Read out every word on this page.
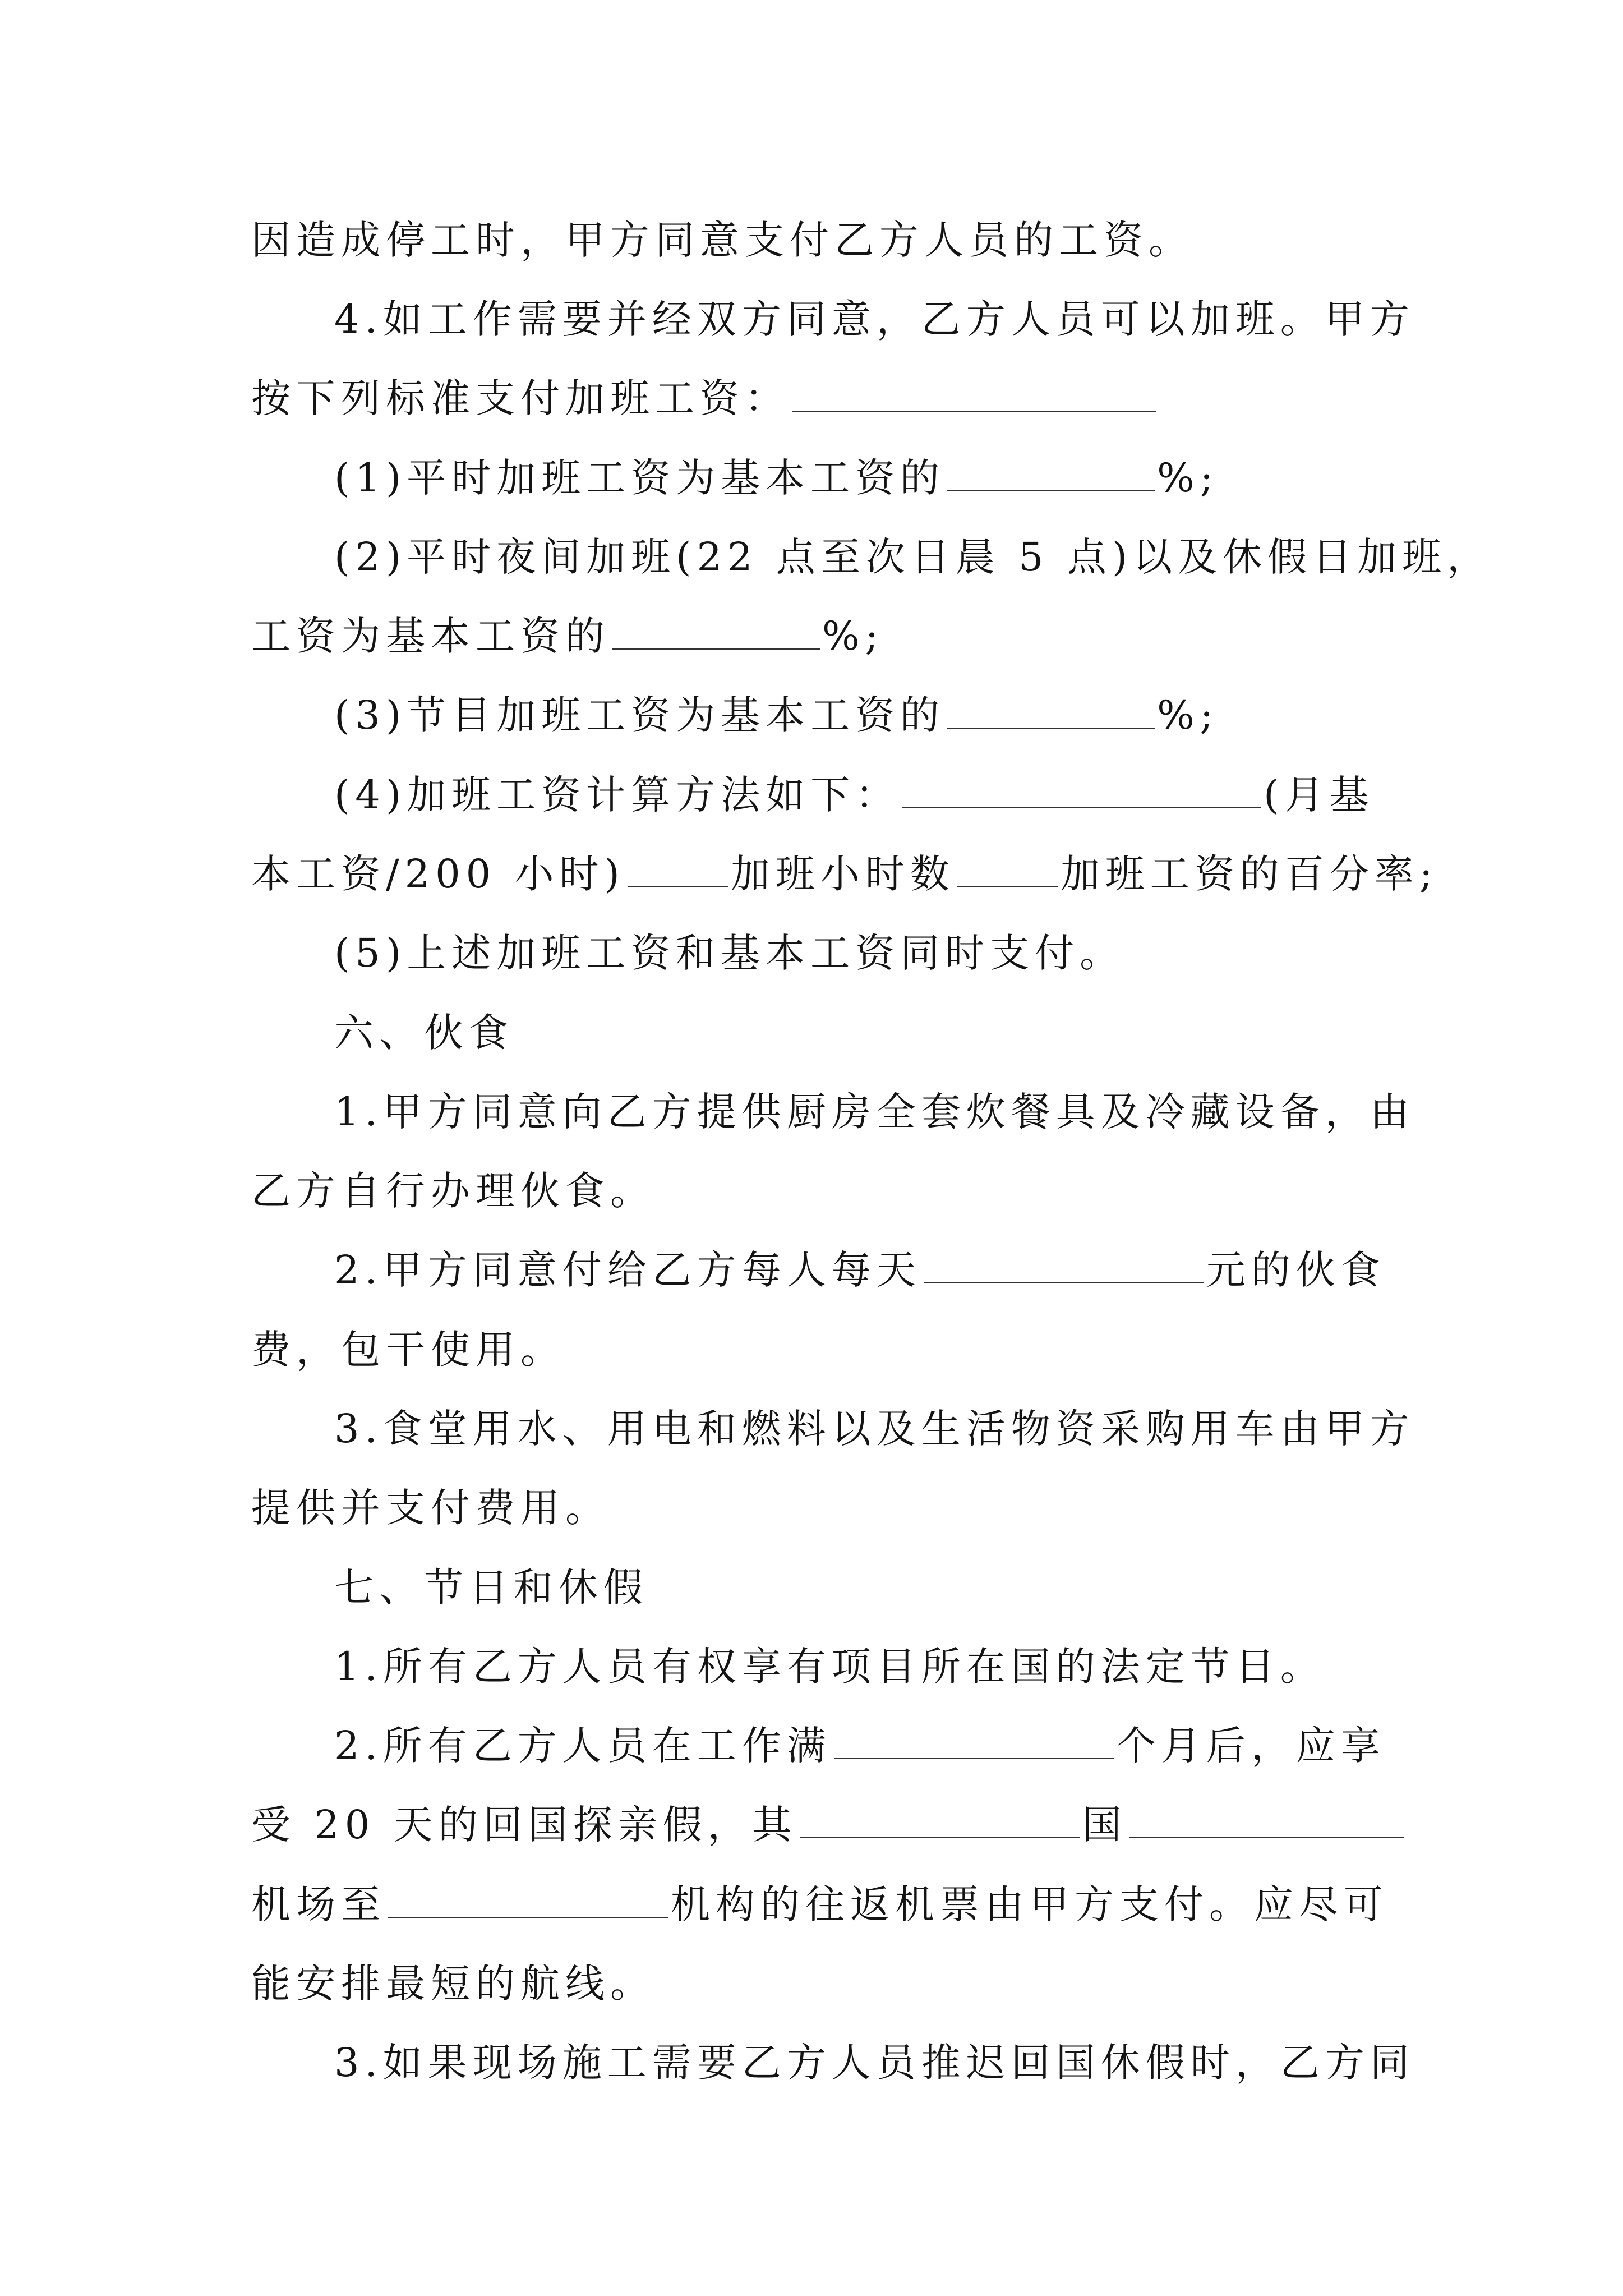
因造成停工时，甲方同意支付乙方人员的工资。
4.如工作需要并经双方同意，乙方人员可以加班。甲方
按下列标准支付加班工资：
(1)平时加班工资为基本工资的	%;
(2)平时夜间加班(22 点至次日晨 5 点)以及休假日加班，
工资为基本工资的	%;
(3)节目加班工资为基本工资的	%;
(4)加班工资计算方法如下：	(月基
本工资/200 小时)	加班小时数	加班工资的百分率;
(5)上述加班工资和基本工资同时支付。
六、伙食
1.甲方同意向乙方提供厨房全套炊餐具及冷藏设备，由
乙方自行办理伙食。
2.甲方同意付给乙方每人每天	元的伙食
费，包干使用。
3.食堂用水、用电和燃料以及生活物资采购用车由甲方
提供并支付费用。
七、节日和休假
1.所有乙方人员有权享有项目所在国的法定节日。
2.所有乙方人员在工作满	个月后，应享
受 20 天的回国探亲假，其	国
机场至	机构的往返机票由甲方支付。应尽可
能安排最短的航线。
3.如果现场施工需要乙方人员推迟回国休假时，乙方同
